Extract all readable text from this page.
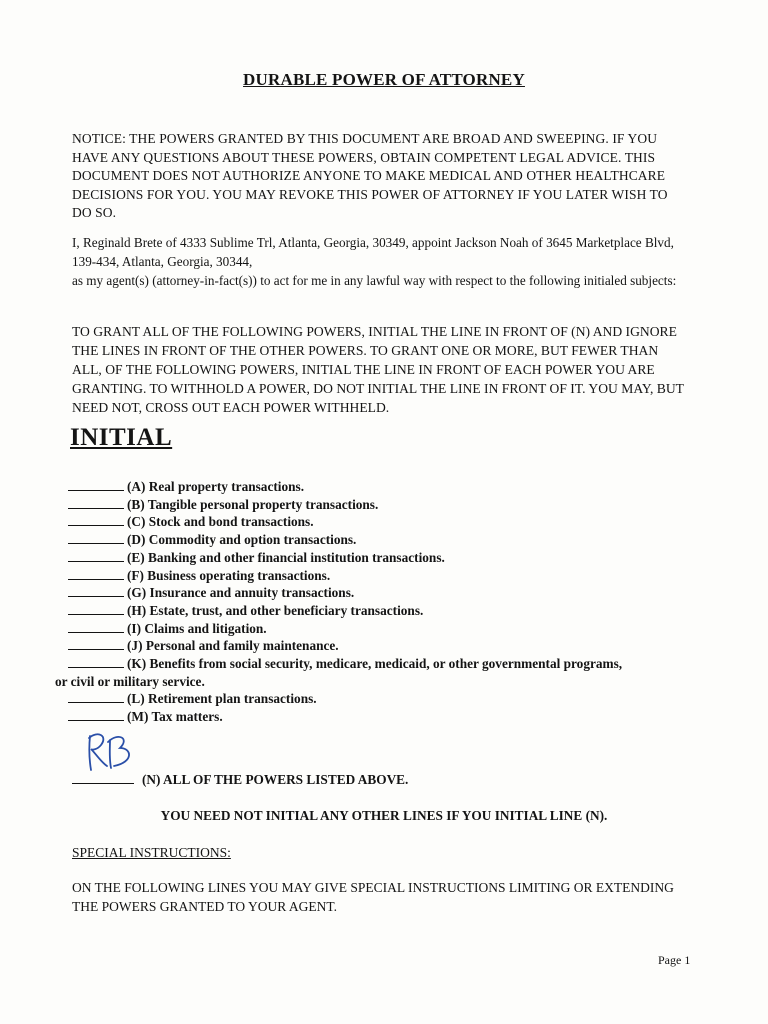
DURABLE POWER OF ATTORNEY
NOTICE: THE POWERS GRANTED BY THIS DOCUMENT ARE BROAD AND SWEEPING. IF YOU HAVE ANY QUESTIONS ABOUT THESE POWERS, OBTAIN COMPETENT LEGAL ADVICE. THIS DOCUMENT DOES NOT AUTHORIZE ANYONE TO MAKE MEDICAL AND OTHER HEALTHCARE DECISIONS FOR YOU. YOU MAY REVOKE THIS POWER OF ATTORNEY IF YOU LATER WISH TO DO SO.
I, Reginald Brete of 4333 Sublime Trl, Atlanta, Georgia, 30349, appoint Jackson Noah of 3645 Marketplace Blvd, 139-434, Atlanta, Georgia, 30344,
as my agent(s) (attorney-in-fact(s)) to act for me in any lawful way with respect to the following initialed subjects:
TO GRANT ALL OF THE FOLLOWING POWERS, INITIAL THE LINE IN FRONT OF (N) AND IGNORE THE LINES IN FRONT OF THE OTHER POWERS. TO GRANT ONE OR MORE, BUT FEWER THAN ALL, OF THE FOLLOWING POWERS, INITIAL THE LINE IN FRONT OF EACH POWER YOU ARE GRANTING. TO WITHHOLD A POWER, DO NOT INITIAL THE LINE IN FRONT OF IT. YOU MAY, BUT NEED NOT, CROSS OUT EACH POWER WITHHELD.
INITIAL
(A) Real property transactions.
(B) Tangible personal property transactions.
(C) Stock and bond transactions.
(D) Commodity and option transactions.
(E) Banking and other financial institution transactions.
(F) Business operating transactions.
(G) Insurance and annuity transactions.
(H) Estate, trust, and other beneficiary transactions.
(I) Claims and litigation.
(J) Personal and family maintenance.
(K) Benefits from social security, medicare, medicaid, or other governmental programs,
or civil or military service.
(L) Retirement plan transactions.
(M) Tax matters.
(N) ALL OF THE POWERS LISTED ABOVE.
YOU NEED NOT INITIAL ANY OTHER LINES IF YOU INITIAL LINE (N).
SPECIAL INSTRUCTIONS:
ON THE FOLLOWING LINES YOU MAY GIVE SPECIAL INSTRUCTIONS LIMITING OR EXTENDING THE POWERS GRANTED TO YOUR AGENT.
Page 1
